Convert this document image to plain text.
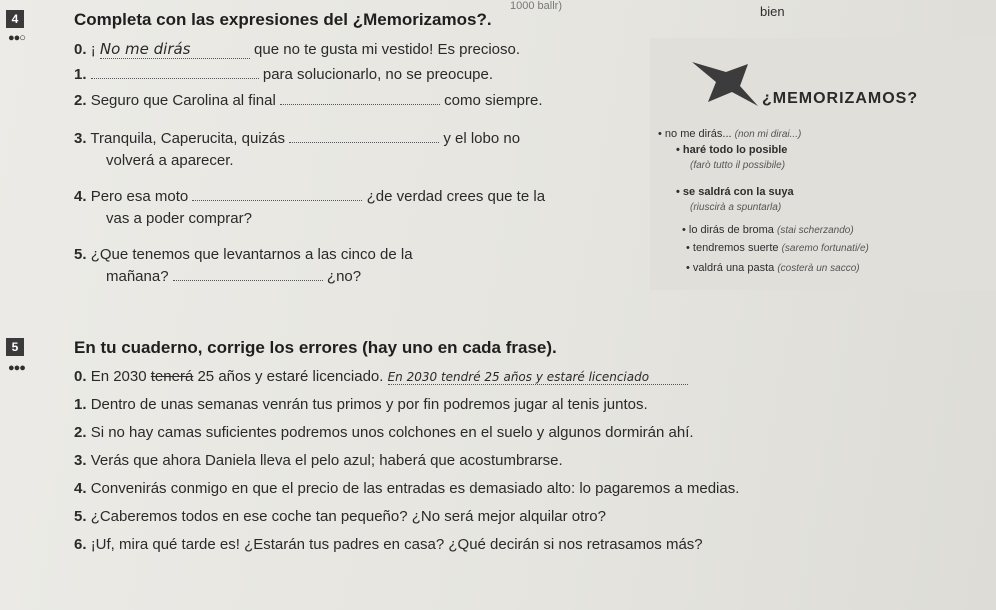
1000 ballr)	bien
4
●●○
Completa con las expresiones del ¿Memorizamos?.
0. ¡ No me dirás	que no te gusta mi vestido! Es precioso.
1.	para solucionarlo, no se preocupe.
2. Seguro que Carolina al final	como siempre.
3. Tranquila, Caperucita, quizás	y el lobo no
volverá a aparecer.
4. Pero esa moto	¿de verdad crees que te la
vas a poder comprar?
5. ¿Que tenemos que levantarnos a las cinco de la
mañana?	¿no?
¿MEMORIZAMOS?
• no me dirás... (non mi dirai...)
• haré todo lo posible
(farò tutto il possibile)
• se saldrá con la suya
(riuscirà a spuntarla)
• lo dirás de broma (stai scherzando)
• tendremos suerte (saremo fortunati/e)
• valdrá una pasta (costerà un sacco)
5
●●●
En tu cuaderno, corrige los errores (hay uno en cada frase).
0. En 2030 tenerá 25 años y estaré licenciado. En 2030 tendré 25 años y estaré licenciado
1. Dentro de unas semanas venrán tus primos y por fin podremos jugar al tenis juntos.
2. Si no hay camas suficientes podremos unos colchones en el suelo y algunos dormirán ahí.
3. Verás que ahora Daniela lleva el pelo azul; haberá que acostumbrarse.
4. Convenirás conmigo en que el precio de las entradas es demasiado alto: lo pagaremos a medias.
5. ¿Caberemos todos en ese coche tan pequeño? ¿No será mejor alquilar otro?
6. ¡Uf, mira qué tarde es! ¿Estarán tus padres en casa? ¿Qué decirán si nos retrasamos más?
